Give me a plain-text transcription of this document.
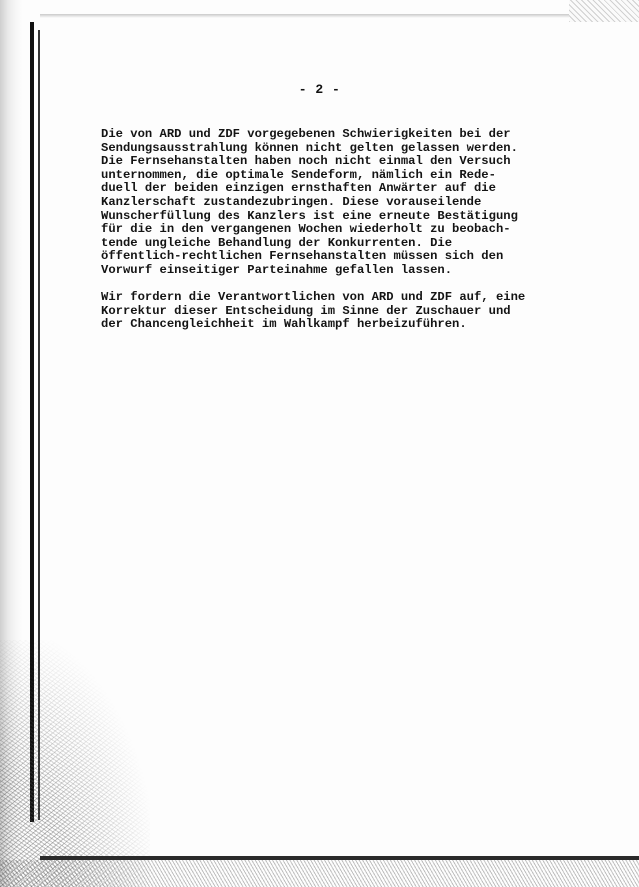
- 2 -

Die von ARD und ZDF vorgegebenen Schwierigkeiten bei der
Sendungsausstrahlung können nicht gelten gelassen werden.
Die Fernsehanstalten haben noch nicht einmal den Versuch
unternommen, die optimale Sendeform, nämlich ein Rede-
duell der beiden einzigen ernsthaften Anwärter auf die
Kanzlerschaft zustandezubringen. Diese vorauseilende
Wunscherfüllung des Kanzlers ist eine erneute Bestätigung
für die in den vergangenen Wochen wiederholt zu beobach-
tende ungleiche Behandlung der Konkurrenten. Die
öffentlich-rechtlichen Fernsehanstalten müssen sich den
Vorwurf einseitiger Parteinahme gefallen lassen.

Wir fordern die Verantwortlichen von ARD und ZDF auf, eine
Korrektur dieser Entscheidung im Sinne der Zuschauer und
der Chancengleichheit im Wahlkampf herbeizuführen.
